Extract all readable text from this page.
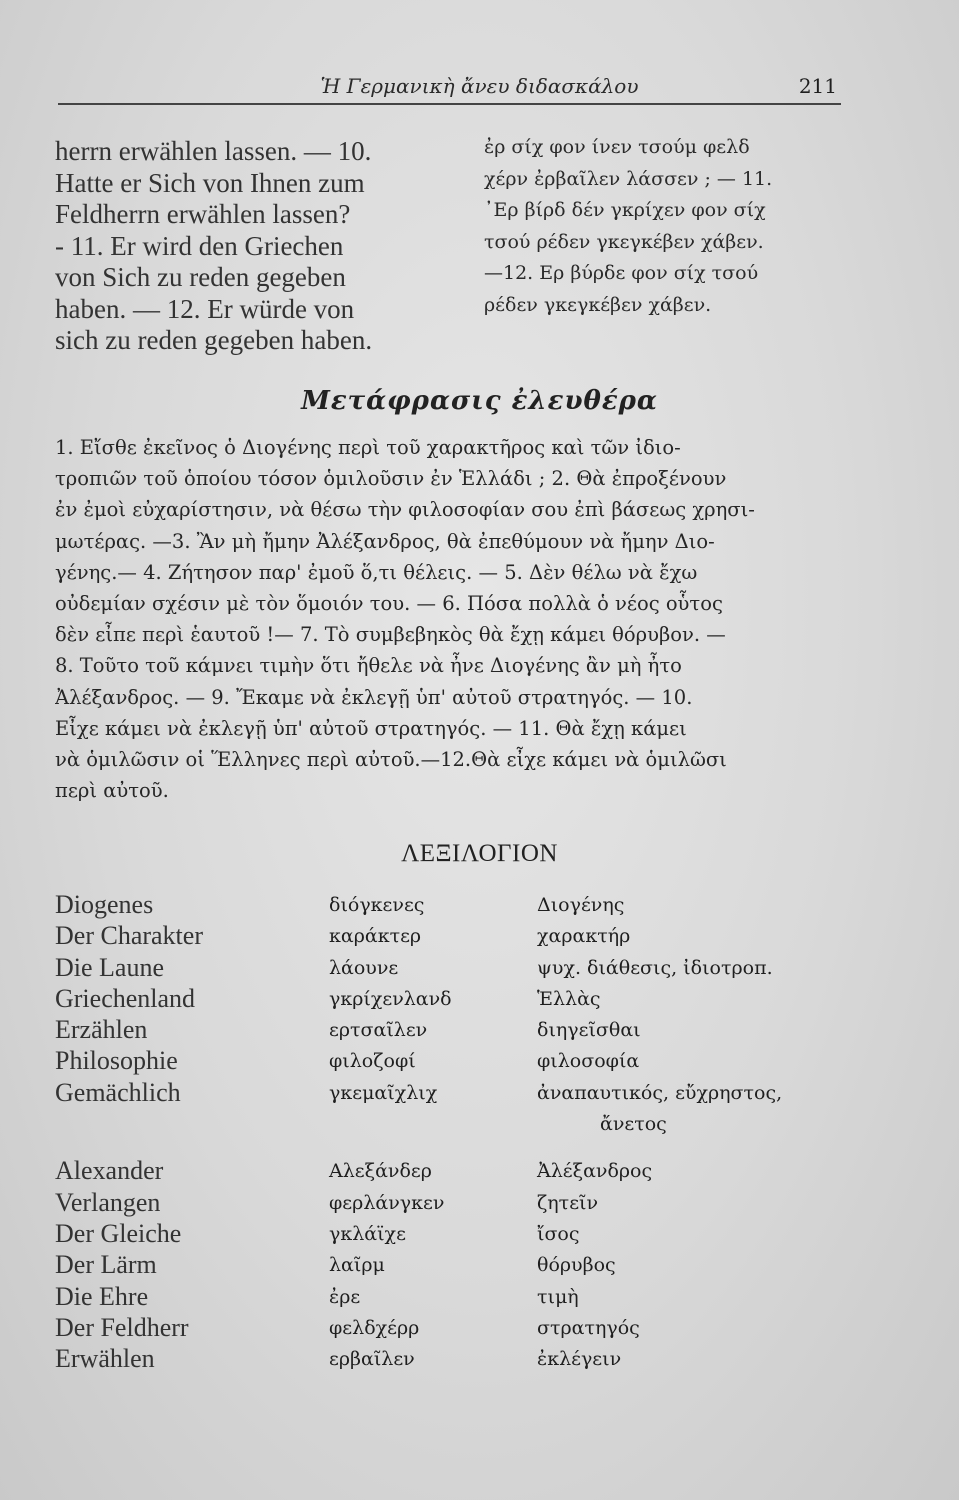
Ἡ Γερμανικὴ ἄνευ διδασκάλου	211
herrn erwählen lassen. — 10.
Hatte er Sich von Ihnen zum
Feldherrn erwählen lassen?
- 11. Er wird den Griechen
von Sich zu reden gegeben
haben. — 12. Er würde von
sich zu reden gegeben haben.
ἐρ σίχ φον ίνεν τσούμ φελδ
χέρν ἐρβαῖλεν λάσσεν ; — 11.
᾿Ερ βίρδ δέν γκρίχεν φον σίχ
τσού ρέδεν γκεγκέβεν χάβεν.
—12. Ερ βύρδε φον σίχ τσού
ρέδεν γκεγκέβεν χάβεν.
Μετάφρασις ἐλευθέρα
1. Εἴσθε ἐκεῖνος ὁ Διογένης περὶ τοῦ χαρακτῆρος καὶ τῶν ἰδιο-
τροπιῶν τοῦ ὁποίου τόσον ὁμιλοῦσιν ἐν Ἑλλάδι ; 2. Θὰ ἐπροξένουν
ἐν ἐμοὶ εὐχαρίστησιν, νὰ θέσω τὴν φιλοσοφίαν σου ἐπὶ βάσεως χρησι-
μωτέρας. —3. Ἂν μὴ ἤμην Ἀλέξανδρος, θὰ ἐπεθύμουν νὰ ἤμην Διο-
γένης.— 4. Ζήτησον παρ' ἐμοῦ ὅ,τι θέλεις. — 5. Δὲν θέλω νὰ ἔχω
οὐδεμίαν σχέσιν μὲ τὸν ὅμοιόν του. — 6. Πόσα πολλὰ ὁ νέος οὗτος
δὲν εἶπε περὶ ἑαυτοῦ !— 7. Τὸ συμβεβηκὸς θὰ ἔχῃ κάμει θόρυβον. —
8. Τοῦτο τοῦ κάμνει τιμὴν ὅτι ἤθελε νὰ ἦνε Διογένης ἂν μὴ ἦτο
Ἀλέξανδρος. — 9. Ἔκαμε νὰ ἐκλεγῇ ὑπ' αὐτοῦ στρατηγός. — 10.
Εἶχε κάμει νὰ ἐκλεγῇ ὑπ' αὐτοῦ στρατηγός. — 11. Θὰ ἔχῃ κάμει
νὰ ὁμιλῶσιν οἱ Ἕλληνες περὶ αὐτοῦ.—12.Θὰ εἶχε κάμει νὰ ὁμιλῶσι
περὶ αὐτοῦ.
ΛΕΞΙΛΟΓΙΟΝ
Diogenes	διόγκενες	Διογένης
Der Charakter	καράκτερ	χαρακτήρ
Die Laune	λάουνε	ψυχ. διάθεσις, ἰδιοτροπ.
Griechenland	γκρίχενλανδ	Ἑλλὰς
Erzählen	ερτσαῖλεν	διηγεῖσθαι
Philosophie	φιλοζοφί	φιλοσοφία
Gemächlich	γκεμαῖχλιχ	ἀναπαυτικός, εὔχρηστος,
ἄνετος
Alexander	Αλεξάνδερ	Ἀλέξανδρος
Verlangen	φερλάνγκεν	ζητεῖν
Der Gleiche	γκλάϊχε	ἴσος
Der Lärm	λαῖρμ	θόρυβος
Die Ehre	ἐρε	τιμὴ
Der Feldherr	φελδχέρρ	στρατηγός
Erwählen	ερβαῖλεν	ἐκλέγειν
